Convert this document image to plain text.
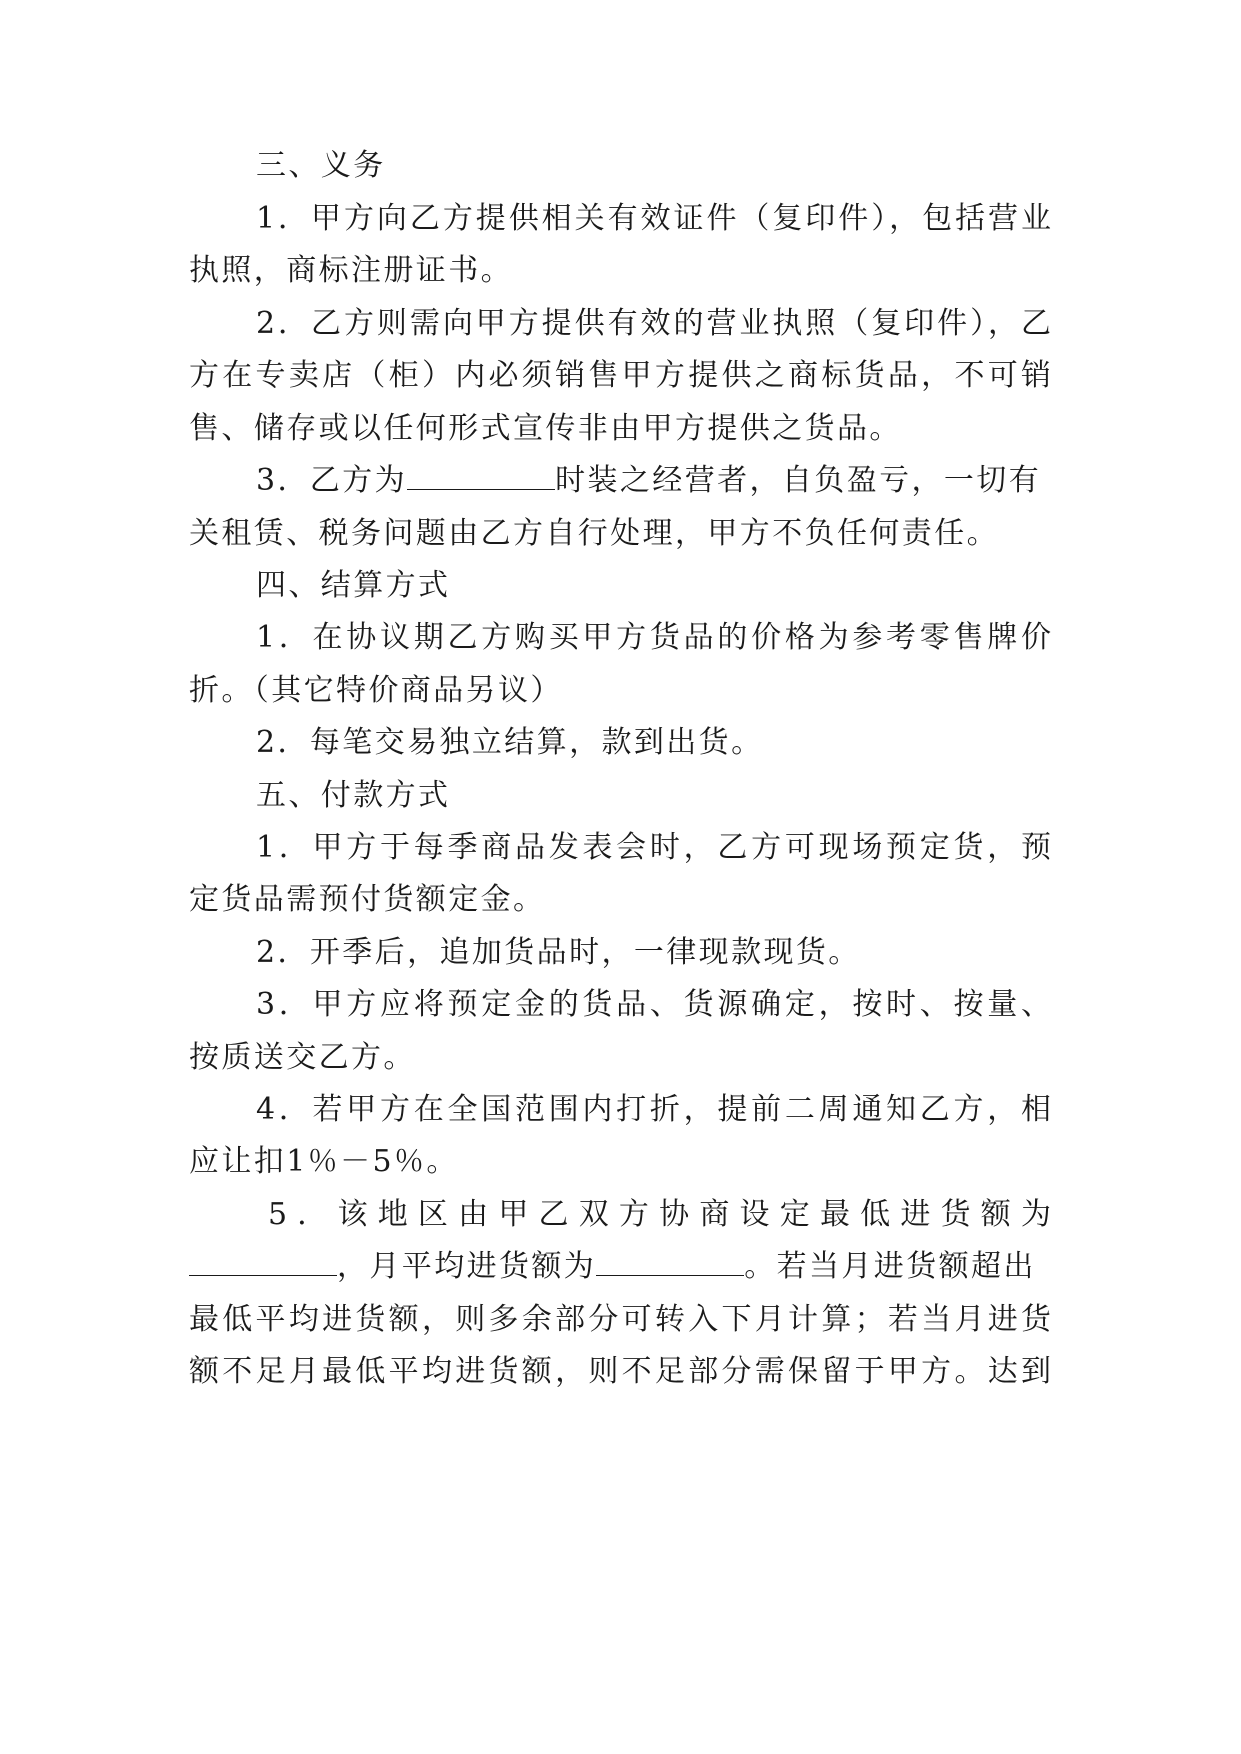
三、义务
1．甲方向乙方提供相关有效证件（复印件），包括营业
执照，商标注册证书。
2．乙方则需向甲方提供有效的营业执照（复印件），乙
方在专卖店（柜）内必须销售甲方提供之商标货品，不可销
售、储存或以任何形式宣传非由甲方提供之货品。
3．乙方为	时装之经营者，自负盈亏，一切有
关租赁、税务问题由乙方自行处理，甲方不负任何责任。
四、结算方式
1．在协议期乙方购买甲方货品的价格为参考零售牌价
折。（其它特价商品另议）
2．每笔交易独立结算，款到出货。
五、付款方式
1．甲方于每季商品发表会时，乙方可现场预定货，预
定货品需预付货额定金。
2．开季后，追加货品时，一律现款现货。
3．甲方应将预定金的货品、货源确定，按时、按量、
按质送交乙方。
4．若甲方在全国范围内打折，提前二周通知乙方，相
应让扣1％－5％。
5．该地区由甲乙双方协商设定最低进货额为
，月平均进货额为	。若当月进货额超出
最低平均进货额，则多余部分可转入下月计算；若当月进货
额不足月最低平均进货额，则不足部分需保留于甲方。达到
